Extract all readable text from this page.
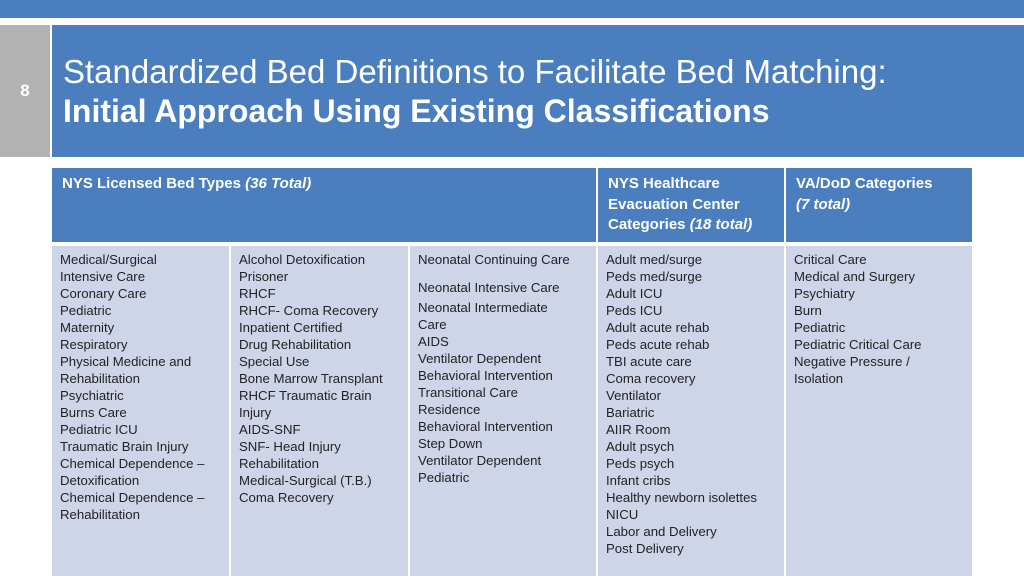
8
Standardized Bed Definitions to Facilitate Bed Matching:
Initial Approach Using Existing Classifications
NYS Licensed Bed Types (36 Total)	NYS Healthcare
Evacuation Center
Categories (18 total)
VA/DoD Categories
(7 total)
Medical/Surgical
Intensive Care
Coronary Care
Pediatric
Maternity
Respiratory
Physical Medicine and
Rehabilitation
Psychiatric
Burns Care
Pediatric ICU
Traumatic Brain Injury
Chemical Dependence –
Detoxification
Chemical Dependence –
Rehabilitation
Alcohol Detoxification
Prisoner
RHCF
RHCF- Coma Recovery
Inpatient Certified
Drug Rehabilitation
Special Use
Bone Marrow Transplant
RHCF Traumatic Brain
Injury
AIDS-SNF
SNF- Head Injury
Rehabilitation
Medical-Surgical (T.B.)
Coma Recovery
Neonatal Continuing Care
Neonatal Intensive Care
Neonatal Intermediate
Care
AIDS
Ventilator Dependent
Behavioral Intervention
Transitional Care
Residence
Behavioral Intervention
Step Down
Ventilator Dependent
Pediatric
Adult med/surge
Peds med/surge
Adult ICU
Peds ICU
Adult acute rehab
Peds acute rehab
TBI acute care
Coma recovery
Ventilator
Bariatric
AIIR Room
Adult psych
Peds psych
Infant cribs
Healthy newborn isolettes
NICU
Labor and Delivery
Post Delivery
Critical Care
Medical and Surgery
Psychiatry
Burn
Pediatric
Pediatric Critical Care
Negative Pressure /
Isolation
